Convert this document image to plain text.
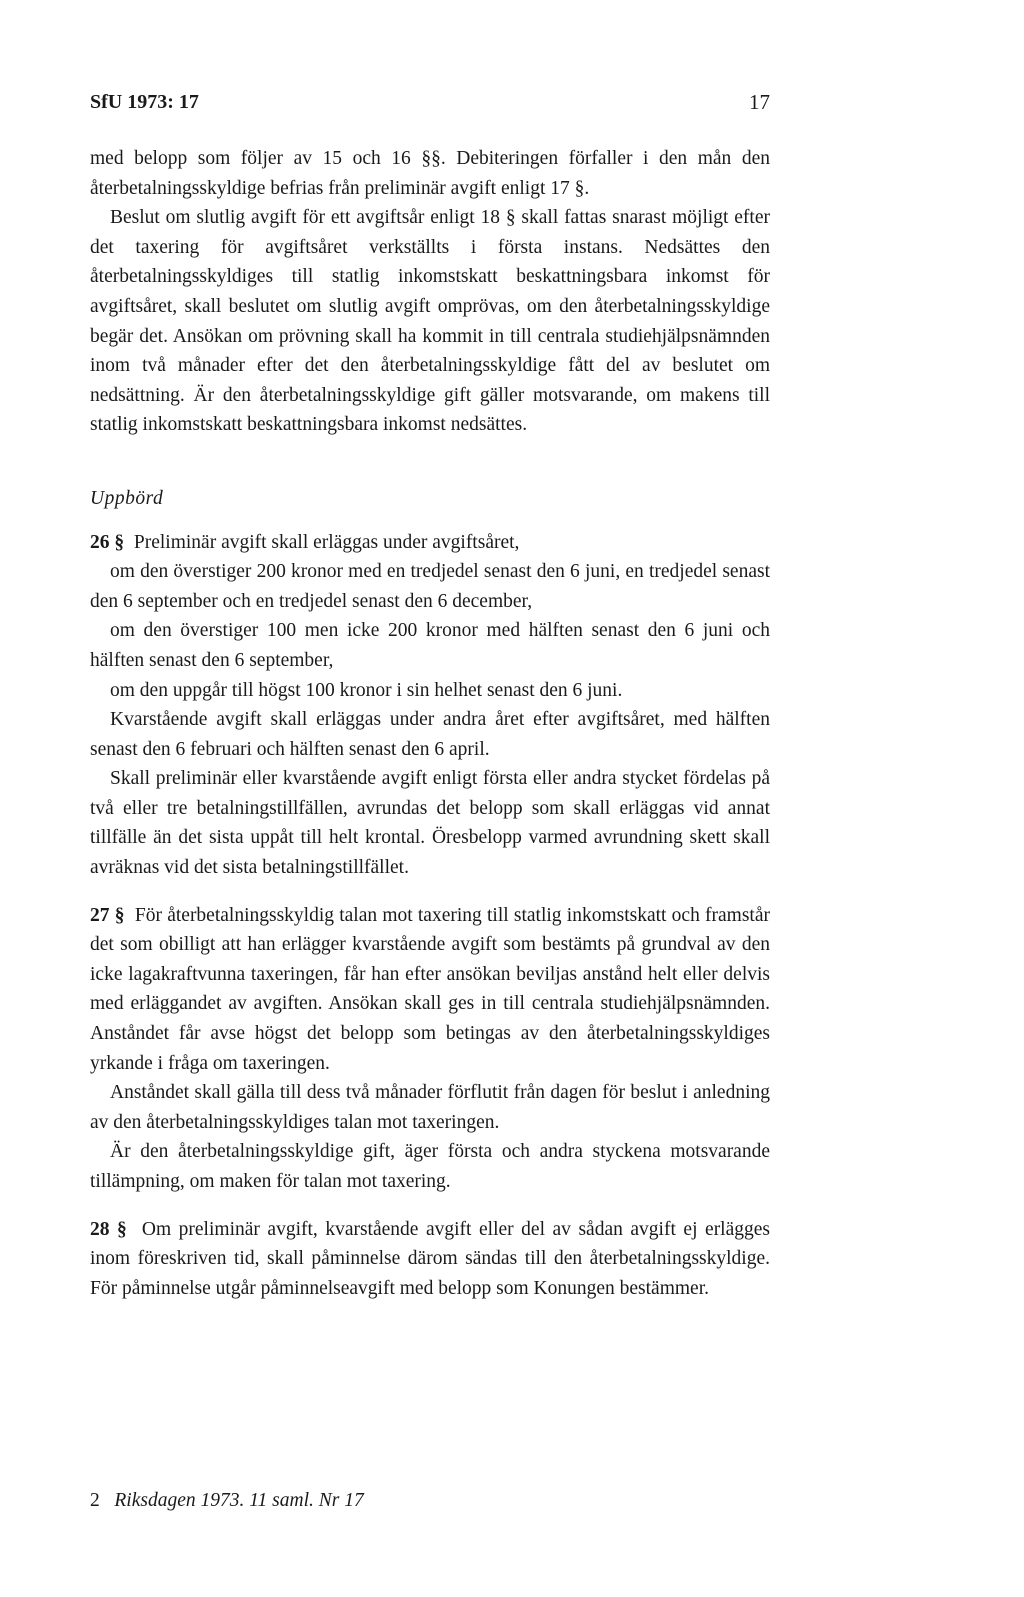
SfU 1973: 17	17

med belopp som följer av 15 och 16 §§. Debiteringen förfaller i den mån den återbetalningsskyldige befrias från preliminär avgift enligt 17 §.

Beslut om slutlig avgift för ett avgiftsår enligt 18 § skall fattas snarast möjligt efter det taxering för avgiftsåret verkställts i första instans. Nedsättes den återbetalningsskyldiges till statlig inkomstskatt beskattningsbara inkomst för avgiftsåret, skall beslutet om slutlig avgift omprövas, om den återbetalningsskyldige begär det. Ansökan om prövning skall ha kommit in till centrala studiehjälpsnämnden inom två månader efter det den återbetalningsskyldige fått del av beslutet om nedsättning. Är den återbetalningsskyldige gift gäller motsvarande, om makens till statlig inkomstskatt beskattningsbara inkomst nedsättes.

Uppbörd

26 § Preliminär avgift skall erläggas under avgiftsåret,

om den överstiger 200 kronor med en tredjedel senast den 6 juni, en tredjedel senast den 6 september och en tredjedel senast den 6 december,

om den överstiger 100 men icke 200 kronor med hälften senast den 6 juni och hälften senast den 6 september,

om den uppgår till högst 100 kronor i sin helhet senast den 6 juni.

Kvarstående avgift skall erläggas under andra året efter avgiftsåret, med hälften senast den 6 februari och hälften senast den 6 april.

Skall preliminär eller kvarstående avgift enligt första eller andra stycket fördelas på två eller tre betalningstillfällen, avrundas det belopp som skall erläggas vid annat tillfälle än det sista uppåt till helt krontal. Öresbelopp varmed avrundning skett skall avräknas vid det sista betalningstillfället.

27 § För återbetalningsskyldig talan mot taxering till statlig inkomstskatt och framstår det som obilligt att han erlägger kvarstående avgift som bestämts på grundval av den icke lagakraftvunna taxeringen, får han efter ansökan beviljas anstånd helt eller delvis med erläggandet av avgiften. Ansökan skall ges in till centrala studiehjälpsnämnden. Anståndet får avse högst det belopp som betingas av den återbetalningsskyldiges yrkande i fråga om taxeringen.

Anståndet skall gälla till dess två månader förflutit från dagen för beslut i anledning av den återbetalningsskyldiges talan mot taxeringen.

Är den återbetalningsskyldige gift, äger första och andra styckena motsvarande tillämpning, om maken för talan mot taxering.

28 § Om preliminär avgift, kvarstående avgift eller del av sådan avgift ej erlägges inom föreskriven tid, skall påminnelse därom sändas till den återbetalningsskyldige. För påminnelse utgår påminnelseavgift med belopp som Konungen bestämmer.

2 Riksdagen 1973. 11 saml. Nr 17
